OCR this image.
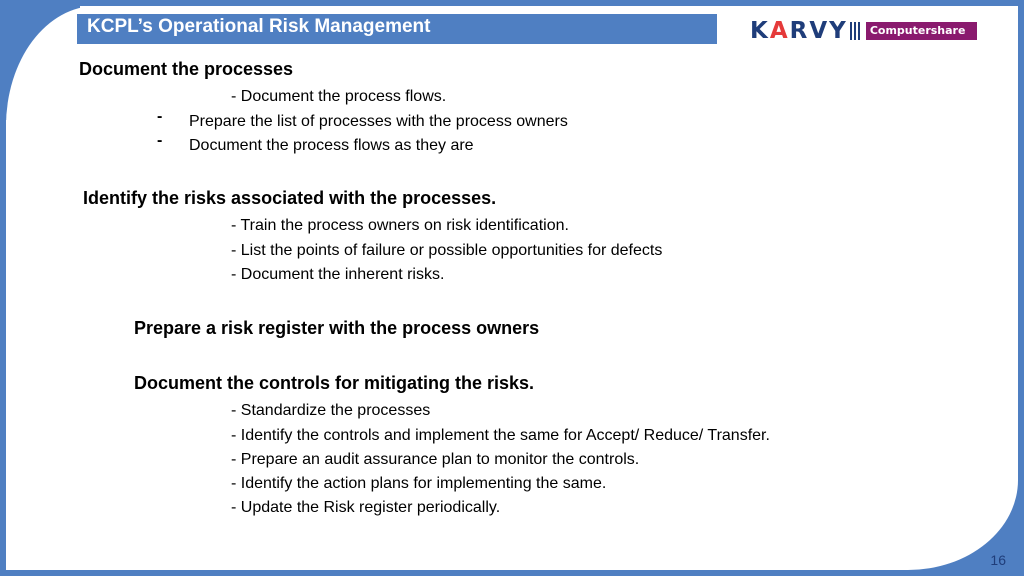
KCPL’s Operational Risk Management	KARVY	Computershare
Document the processes
- Document the process flows.
- Prepare the list of processes with the process owners
- Document the process flows as they are
Identify the risks associated with the processes.
- Train the process owners on risk identification.
- List the points of failure or possible opportunities for defects
- Document the inherent risks.
Prepare a risk register with the process owners
Document the controls for mitigating the risks.
- Standardize the processes
- Identify the controls and implement the same for Accept/ Reduce/ Transfer.
- Prepare an audit assurance plan to monitor the controls.
- Identify the action plans for implementing the same.
- Update the Risk register periodically.
16
